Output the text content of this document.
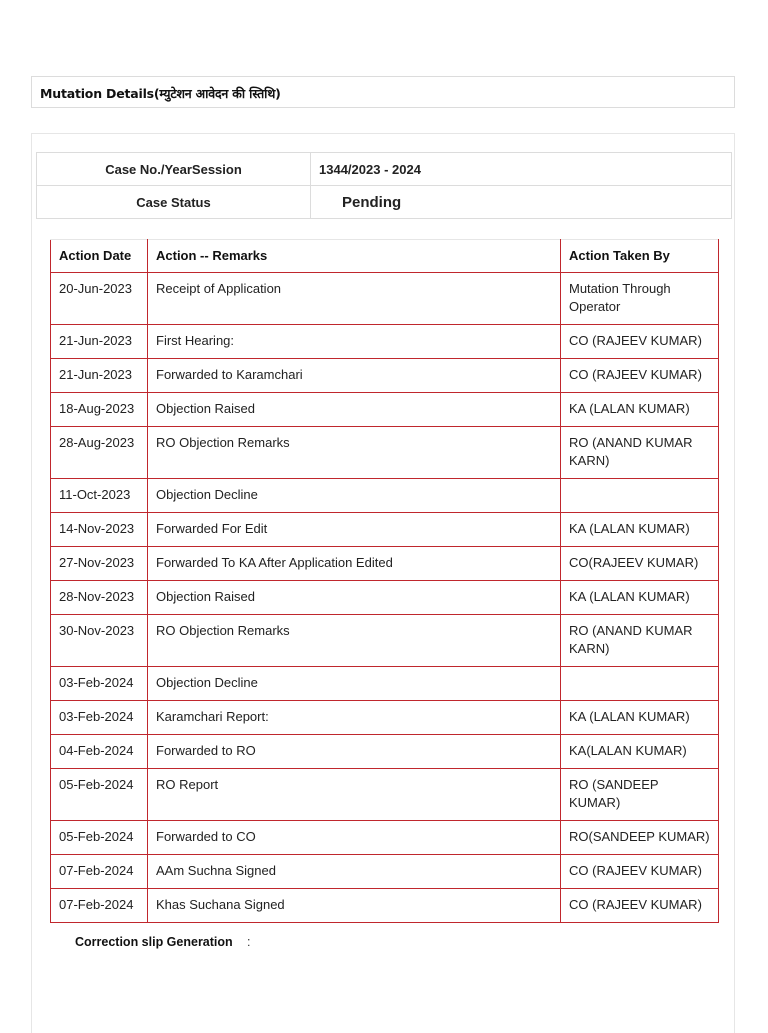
Mutation Details(म्युटेशन आवेदन की स्तिथि)
Case No./YearSession	1344/2023 - 2024
Case Status	Pending
Action Date	Action -- Remarks	Action Taken By
20-Jun-2023	Receipt of Application	Mutation Through Operator
21-Jun-2023	First Hearing:	CO (RAJEEV KUMAR)
21-Jun-2023	Forwarded to Karamchari	CO (RAJEEV KUMAR)
18-Aug-2023	Objection Raised	KA (LALAN KUMAR)
28-Aug-2023	RO Objection Remarks	RO (ANAND KUMAR KARN)
11-Oct-2023	Objection Decline	
14-Nov-2023	Forwarded For Edit	KA (LALAN KUMAR)
27-Nov-2023	Forwarded To KA After Application Edited	CO(RAJEEV KUMAR)
28-Nov-2023	Objection Raised	KA (LALAN KUMAR)
30-Nov-2023	RO Objection Remarks	RO (ANAND KUMAR KARN)
03-Feb-2024	Objection Decline	
03-Feb-2024	Karamchari Report:	KA (LALAN KUMAR)
04-Feb-2024	Forwarded to RO	KA(LALAN KUMAR)
05-Feb-2024	RO Report	RO (SANDEEP KUMAR)
05-Feb-2024	Forwarded to CO	RO(SANDEEP KUMAR)
07-Feb-2024	AAm Suchna Signed	CO (RAJEEV KUMAR)
07-Feb-2024	Khas Suchana Signed	CO (RAJEEV KUMAR)
Correction slip Generation :
